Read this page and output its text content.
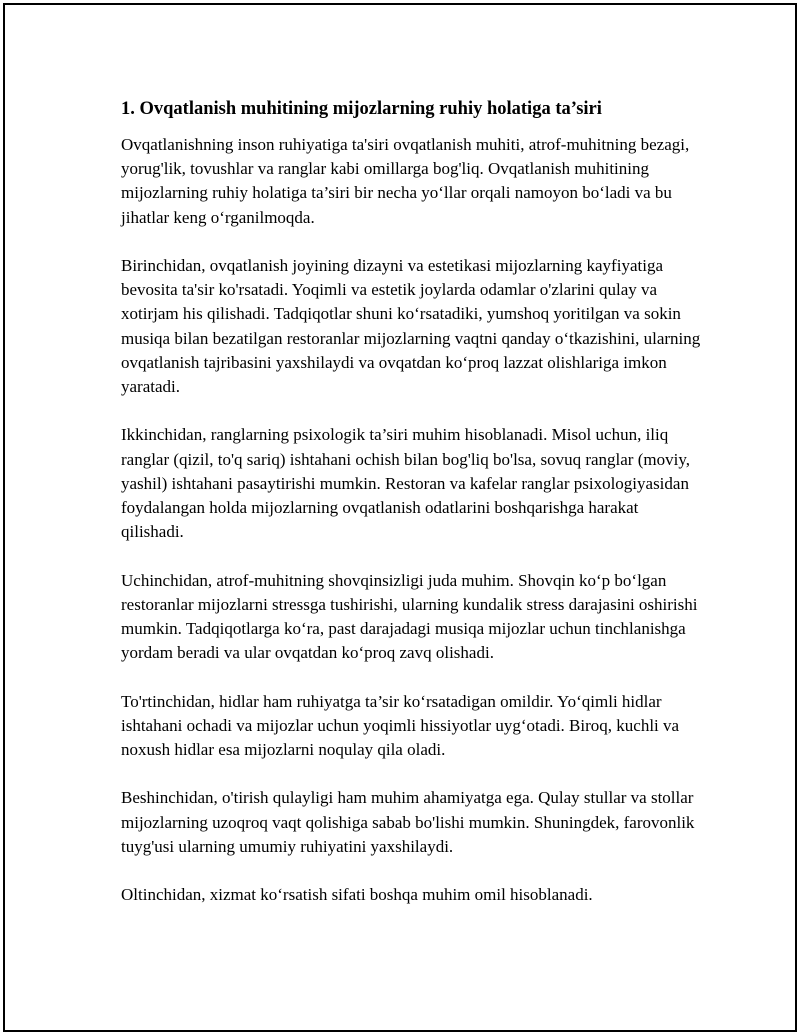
1. Ovqatlanish muhitining mijozlarning ruhiy holatiga ta’siri

Ovqatlanishning inson ruhiyatiga ta'siri ovqatlanish muhiti, atrof-muhitning bezagi, yorug'lik, tovushlar va ranglar kabi omillarga bog'liq. Ovqatlanish muhitining mijozlarning ruhiy holatiga ta’siri bir necha yo‘llar orqali namoyon bo‘ladi va bu jihatlar keng o‘rganilmoqda.

Birinchidan, ovqatlanish joyining dizayni va estetikasi mijozlarning kayfiyatiga bevosita ta'sir ko'rsatadi. Yoqimli va estetik joylarda odamlar o'zlarini qulay va xotirjam his qilishadi. Tadqiqotlar shuni ko‘rsatadiki, yumshoq yoritilgan va sokin musiqa bilan bezatilgan restoranlar mijozlarning vaqtni qanday o‘tkazishini, ularning ovqatlanish tajribasini yaxshilaydi va ovqatdan ko‘proq lazzat olishlariga imkon yaratadi.

Ikkinchidan, ranglarning psixologik ta’siri muhim hisoblanadi. Misol uchun, iliq ranglar (qizil, to'q sariq) ishtahani ochish bilan bog'liq bo'lsa, sovuq ranglar (moviy, yashil) ishtahani pasaytirishi mumkin. Restoran va kafelar ranglar psixologiyasidan foydalangan holda mijozlarning ovqatlanish odatlarini boshqarishga harakat qilishadi.

Uchinchidan, atrof-muhitning shovqinsizligi juda muhim. Shovqin ko‘p bo‘lgan restoranlar mijozlarni stressga tushirishi, ularning kundalik stress darajasini oshirishi mumkin. Tadqiqotlarga ko‘ra, past darajadagi musiqa mijozlar uchun tinchlanishga yordam beradi va ular ovqatdan ko‘proq zavq olishadi.

To'rtinchidan, hidlar ham ruhiyatga ta’sir ko‘rsatadigan omildir. Yo‘qimli hidlar ishtahani ochadi va mijozlar uchun yoqimli hissiyotlar uyg‘otadi. Biroq, kuchli va noxush hidlar esa mijozlarni noqulay qila oladi.

Beshinchidan, o'tirish qulayligi ham muhim ahamiyatga ega. Qulay stullar va stollar mijozlarning uzoqroq vaqt qolishiga sabab bo'lishi mumkin. Shuningdek, farovonlik tuyg'usi ularning umumiy ruhiyatini yaxshilaydi.

Oltinchidan, xizmat ko‘rsatish sifati boshqa muhim omil hisoblanadi.
